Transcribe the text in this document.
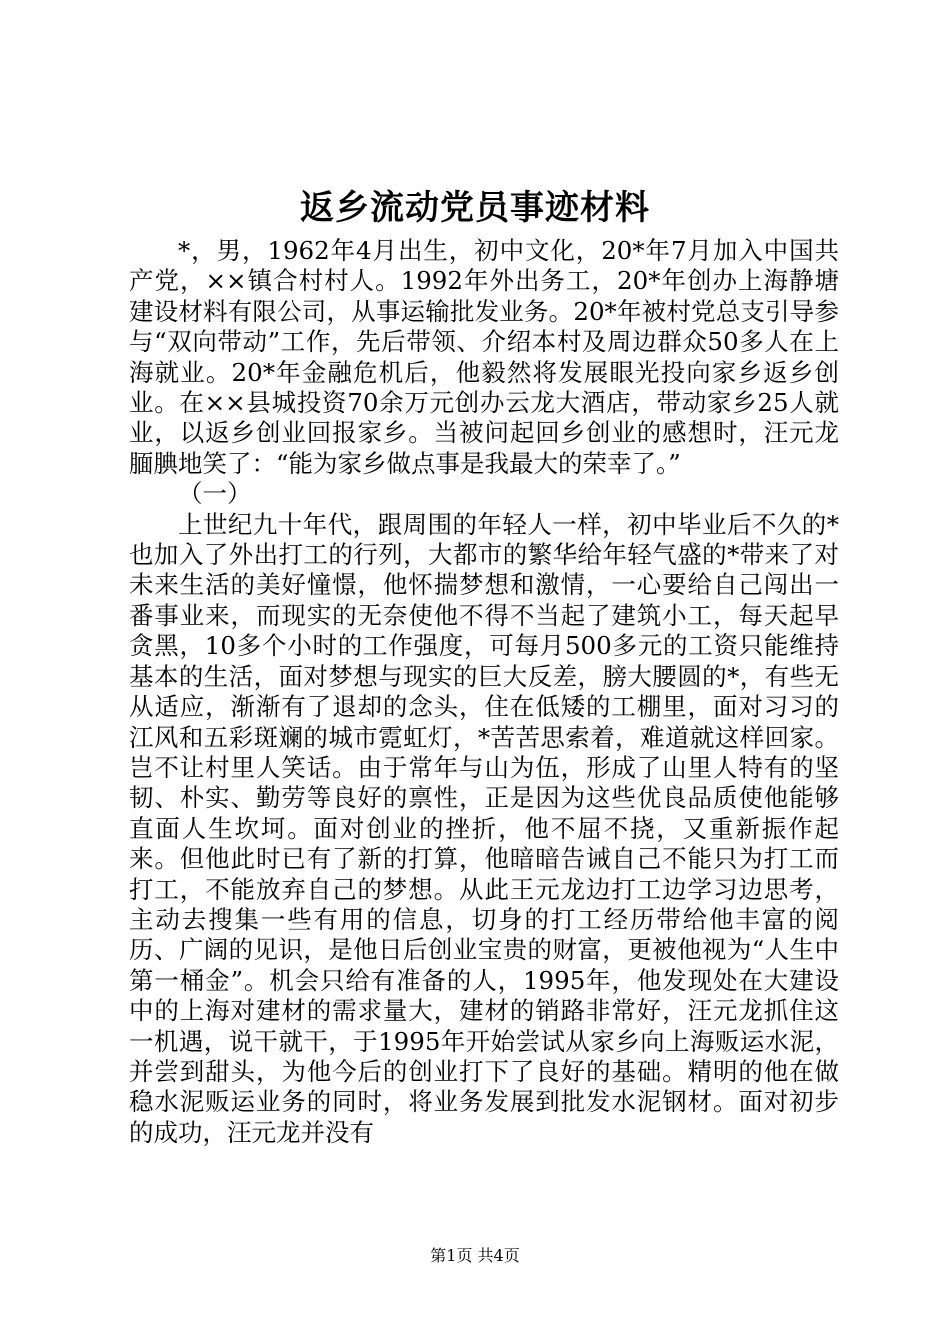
返乡流动党员事迹材料

*，男，1962年4月出生，初中文化，20*年7月加入中国共产党，××镇合村村人。1992年外出务工，20*年创办上海静塘建设材料有限公司，从事运输批发业务。20*年被村党总支引导参与“双向带动”工作，先后带领、介绍本村及周边群众50多人在上海就业。20*年金融危机后，他毅然将发展眼光投向家乡返乡创业。在××县城投资70余万元创办云龙大酒店，带动家乡25人就业，以返乡创业回报家乡。当被问起回乡创业的感想时，汪元龙腼腆地笑了：“能为家乡做点事是我最大的荣幸了。”

（一）

上世纪九十年代，跟周围的年轻人一样，初中毕业后不久的*也加入了外出打工的行列，大都市的繁华给年轻气盛的*带来了对未来生活的美好憧憬，他怀揣梦想和激情，一心要给自己闯出一番事业来，而现实的无奈使他不得不当起了建筑小工，每天起早贪黑，10多个小时的工作强度，可每月500多元的工资只能维持基本的生活，面对梦想与现实的巨大反差，膀大腰圆的*，有些无从适应，渐渐有了退却的念头，住在低矮的工棚里，面对习习的江风和五彩斑斓的城市霓虹灯，*苦苦思索着，难道就这样回家。岂不让村里人笑话。由于常年与山为伍，形成了山里人特有的坚韧、朴实、勤劳等良好的禀性，正是因为这些优良品质使他能够直面人生坎坷。面对创业的挫折，他不屈不挠，又重新振作起来。但他此时已有了新的打算，他暗暗告诫自己不能只为打工而打工，不能放弃自己的梦想。从此王元龙边打工边学习边思考，主动去搜集一些有用的信息，切身的打工经历带给他丰富的阅历、广阔的见识，是他日后创业宝贵的财富，更被他视为“人生中第一桶金”。机会只给有准备的人，1995年，他发现处在大建设中的上海对建材的需求量大，建材的销路非常好，汪元龙抓住这一机遇，说干就干，于1995年开始尝试从家乡向上海贩运水泥，并尝到甜头，为他今后的创业打下了良好的基础。精明的他在做稳水泥贩运业务的同时，将业务发展到批发水泥钢材。面对初步的成功，汪元龙并没有

第1页 共4页
